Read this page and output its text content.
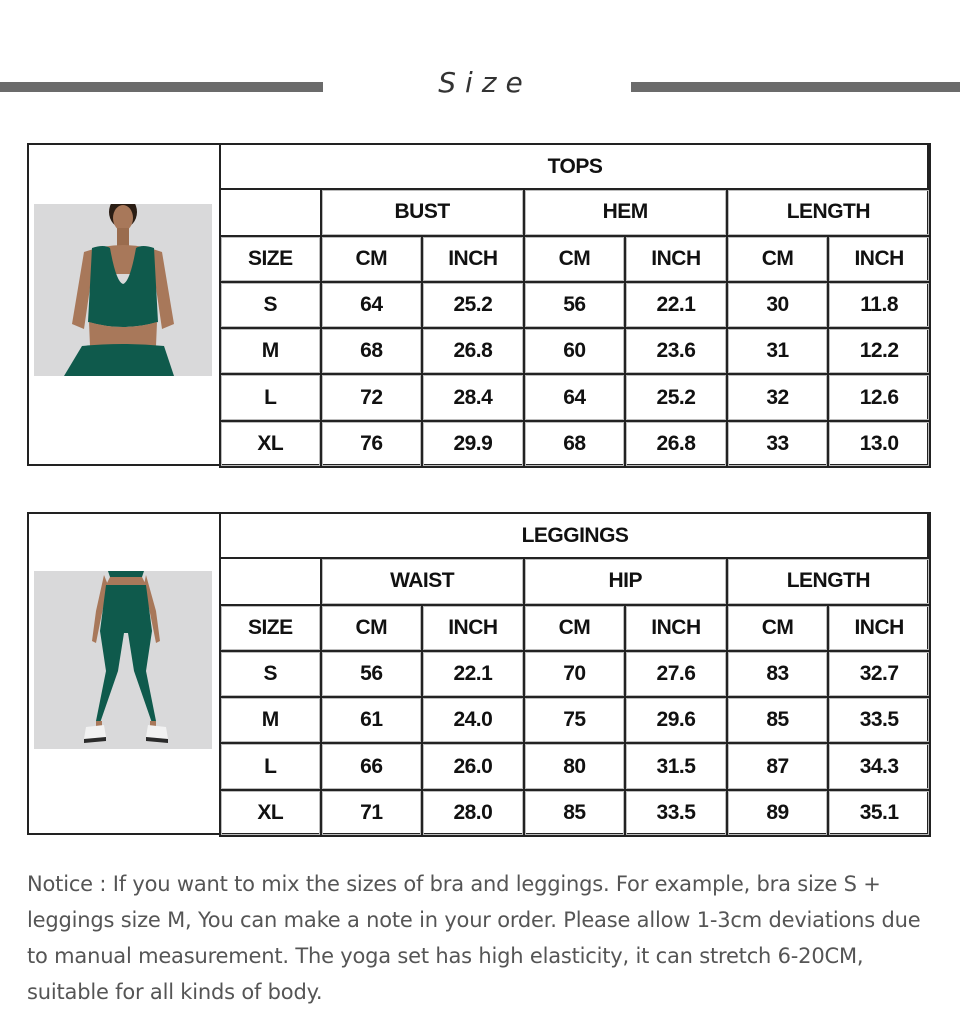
Size
TOPS						
	BUST		HEM		LENGTH	
SIZE	CM	INCH	CM	INCH	CM	INCH
S	64	25.2	56	22.1	30	11.8
M	68	26.8	60	23.6	31	12.2
L	72	28.4	64	25.2	32	12.6
XL	76	29.9	68	26.8	33	13.0
LEGGINGS						
	WAIST		HIP		LENGTH	
SIZE	CM	INCH	CM	INCH	CM	INCH
S	56	22.1	70	27.6	83	32.7
M	61	24.0	75	29.6	85	33.5
L	66	26.0	80	31.5	87	34.3
XL	71	28.0	85	33.5	89	35.1
Notice : If you want to mix the sizes of bra and leggings. For example, bra size S + leggings size M, You can make a note in your order. Please allow 1-3cm deviations due to manual measurement. The yoga set has high elasticity, it can stretch 6-20CM, suitable for all kinds of body.
